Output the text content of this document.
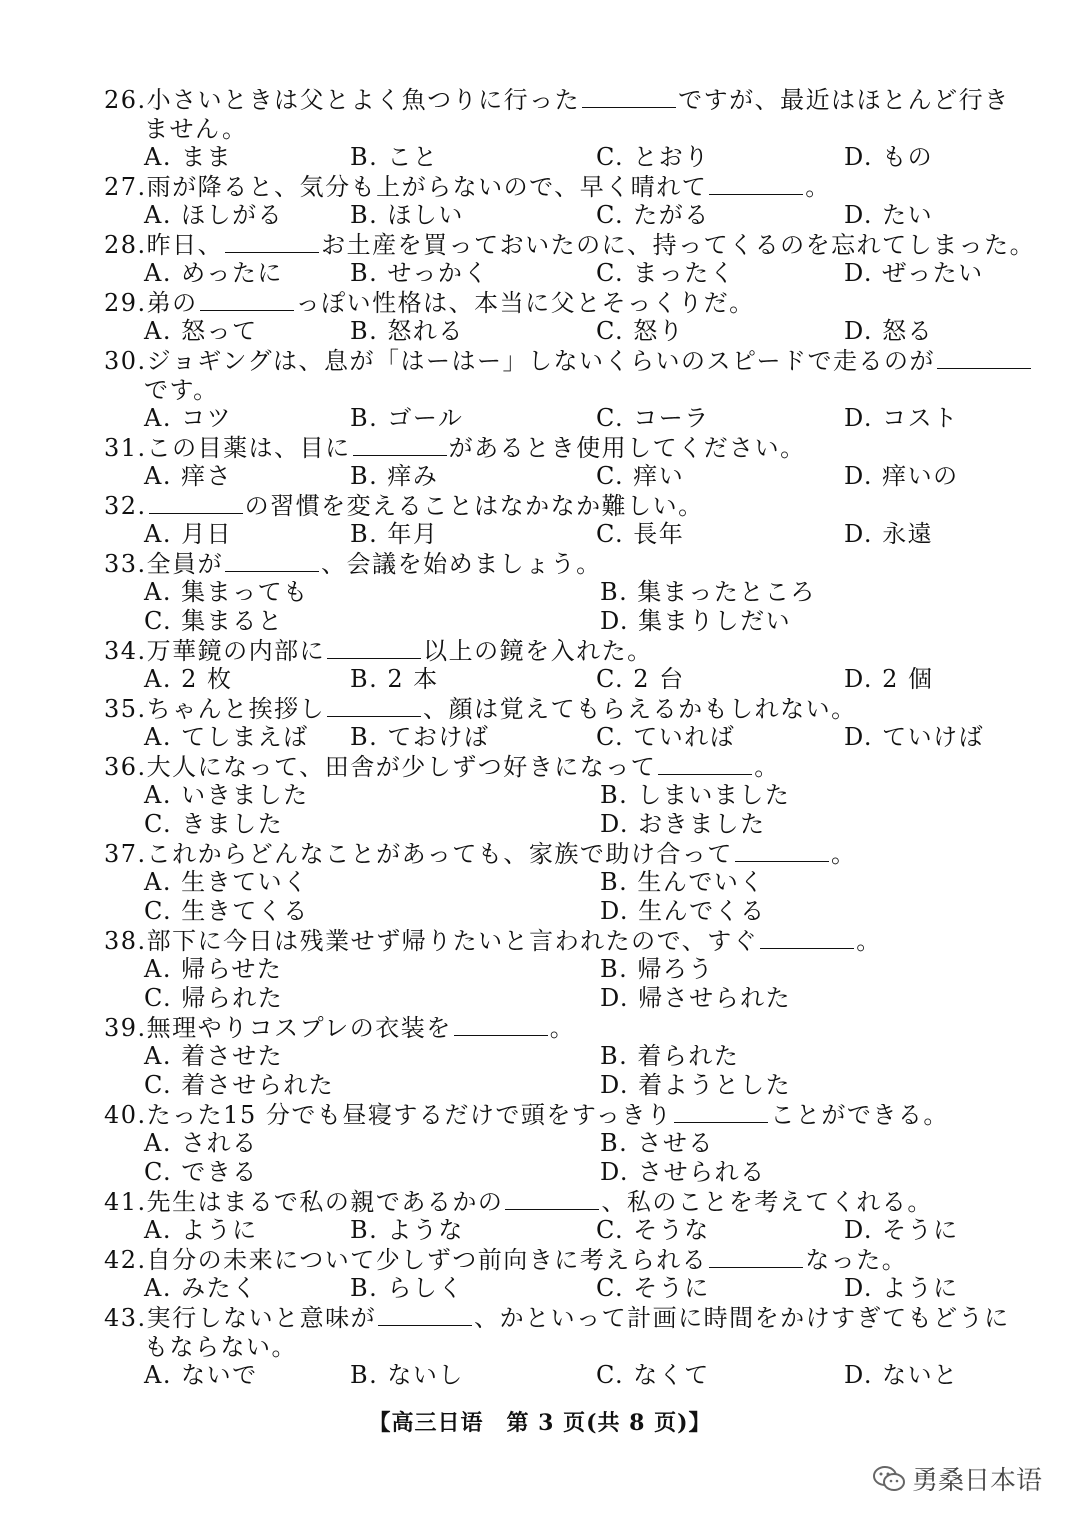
26.小さいときは父とよく魚つりに行った	ですが、最近はほとんど行き
ません。
A. まま	B. こと	C. とおり	D. もの
27.雨が降ると、気分も上がらないので、早く晴れて	。
A. ほしがる	B. ほしい	C. たがる	D. たい
28.昨日、	お土産を買っておいたのに、持ってくるのを忘れてしまった。
A. めったに	B. せっかく	C. まったく	D. ぜったい
29.弟の	っぽい性格は、本当に父とそっくりだ。
A. 怒って	B. 怒れる	C. 怒り	D. 怒る
30.ジョギングは、息が「はーはー」しないくらいのスピードで走るのが
です。
A. コツ	B. ゴール	C. コーラ	D. コスト
31.この目薬は、目に	があるとき使用してください。
A. 痒さ	B. 痒み	C. 痒い	D. 痒いの
32.	の習慣を変えることはなかなか難しい。
A. 月日	B. 年月	C. 長年	D. 永遠
33.全員が	、会議を始めましょう。
A. 集まっても	B. 集まったところ
C. 集まると	D. 集まりしだい
34.万華鏡の内部に	以上の鏡を入れた。
A. 2 枚	B. 2 本	C. 2 台	D. 2 個
35.ちゃんと挨拶し	、顔は覚えてもらえるかもしれない。
A. てしまえば B. ておけば	C. ていれば	D. ていけば
36.大人になって、田舎が少しずつ好きになって	。
A. いきました	B. しまいました
C. きました	D. おきました
37.これからどんなことがあっても、家族で助け合って	。
A. 生きていく	B. 生んでいく
C. 生きてくる	D. 生んでくる
38.部下に今日は残業せず帰りたいと言われたので、すぐ	。
A. 帰らせた	B. 帰ろう
C. 帰られた	D. 帰させられた
39.無理やりコスプレの衣装を	。
A. 着させた	B. 着られた
C. 着させられた	D. 着ようとした
40.たった15 分でも昼寝するだけで頭をすっきり	ことができる。
A. される	B. させる
C. できる	D. させられる
41.先生はまるで私の親であるかの	、私のことを考えてくれる。
A. ように	B. ような	C. そうな	D. そうに
42.自分の未来について少しずつ前向きに考えられる	なった。
A. みたく	B. らしく	C. そうに	D. ように
43.実行しないと意味が	、かといって計画に時間をかけすぎてもどうに
もならない。
A. ないで	B. ないし	C. なくて	D. ないと
【高三日语　第 3 页(共 8 页)】
勇桑日本语
